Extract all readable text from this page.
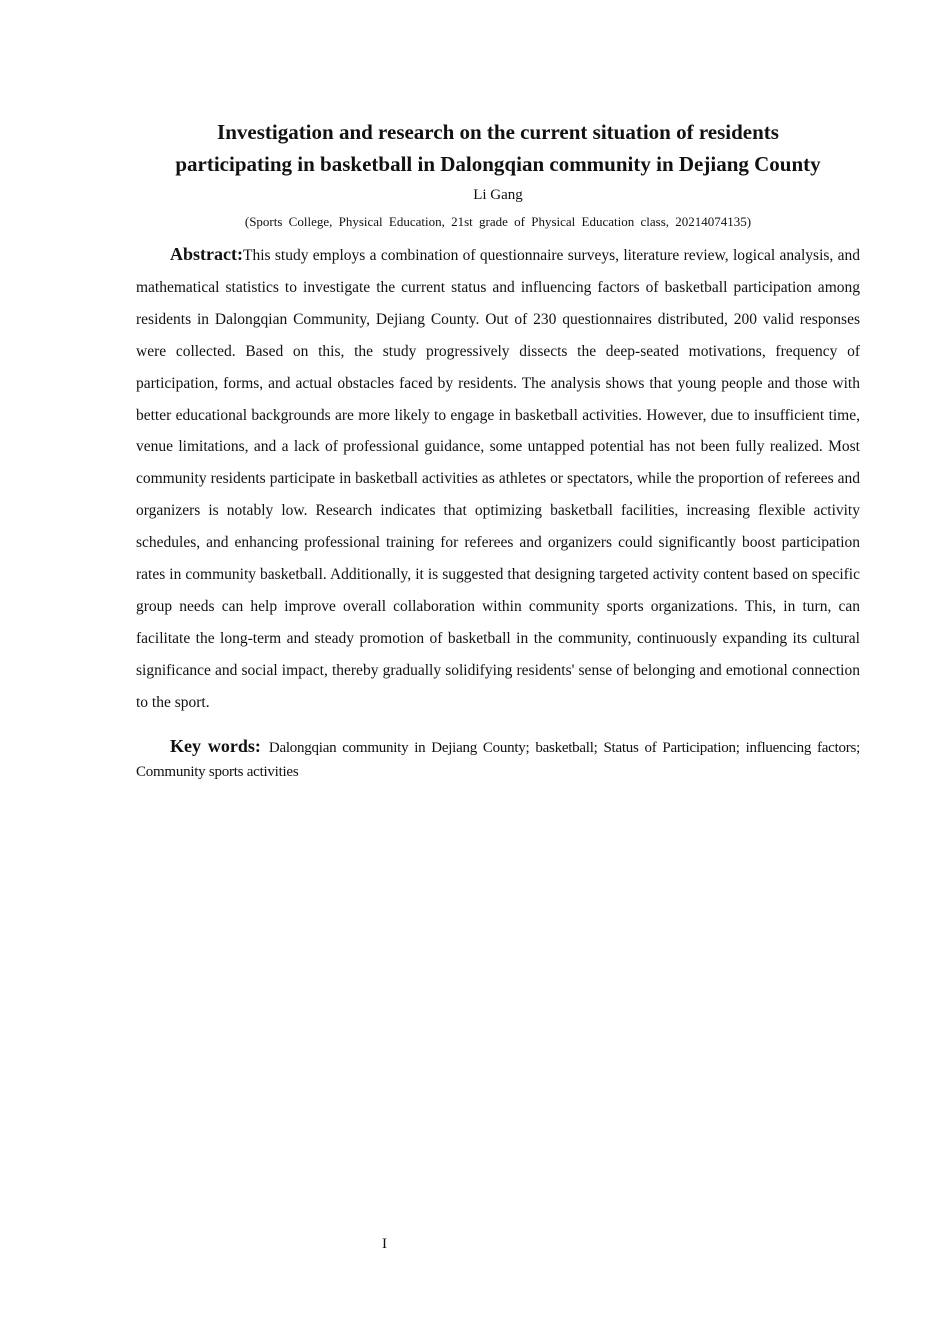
Investigation and research on the current situation of residents
participating in basketball in Dalongqian community in Dejiang County
Li Gang
(Sports College, Physical Education, 21st grade of Physical Education class, 20214074135)

Abstract:This study employs a combination of questionnaire surveys, literature review, logical analysis, and mathematical statistics to investigate the current status and influencing factors of basketball participation among residents in Dalongqian Community, Dejiang County. Out of 230 questionnaires distributed, 200 valid responses were collected. Based on this, the study progressively dissects the deep-seated motivations, frequency of participation, forms, and actual obstacles faced by residents. The analysis shows that young people and those with better educational backgrounds are more likely to engage in basketball activities. However, due to insufficient time, venue limitations, and a lack of professional guidance, some untapped potential has not been fully realized. Most community residents participate in basketball activities as athletes or spectators, while the proportion of referees and organizers is notably low. Research indicates that optimizing basketball facilities, increasing flexible activity schedules, and enhancing professional training for referees and organizers could significantly boost participation rates in community basketball. Additionally, it is suggested that designing targeted activity content based on specific group needs can help improve overall collaboration within community sports organizations. This, in turn, can facilitate the long-term and steady promotion of basketball in the community, continuously expanding its cultural significance and social impact, thereby gradually solidifying residents' sense of belonging and emotional connection to the sport.

Key words: Dalongqian community in Dejiang County; basketball; Status of Participation; influencing factors; Community sports activities

I
